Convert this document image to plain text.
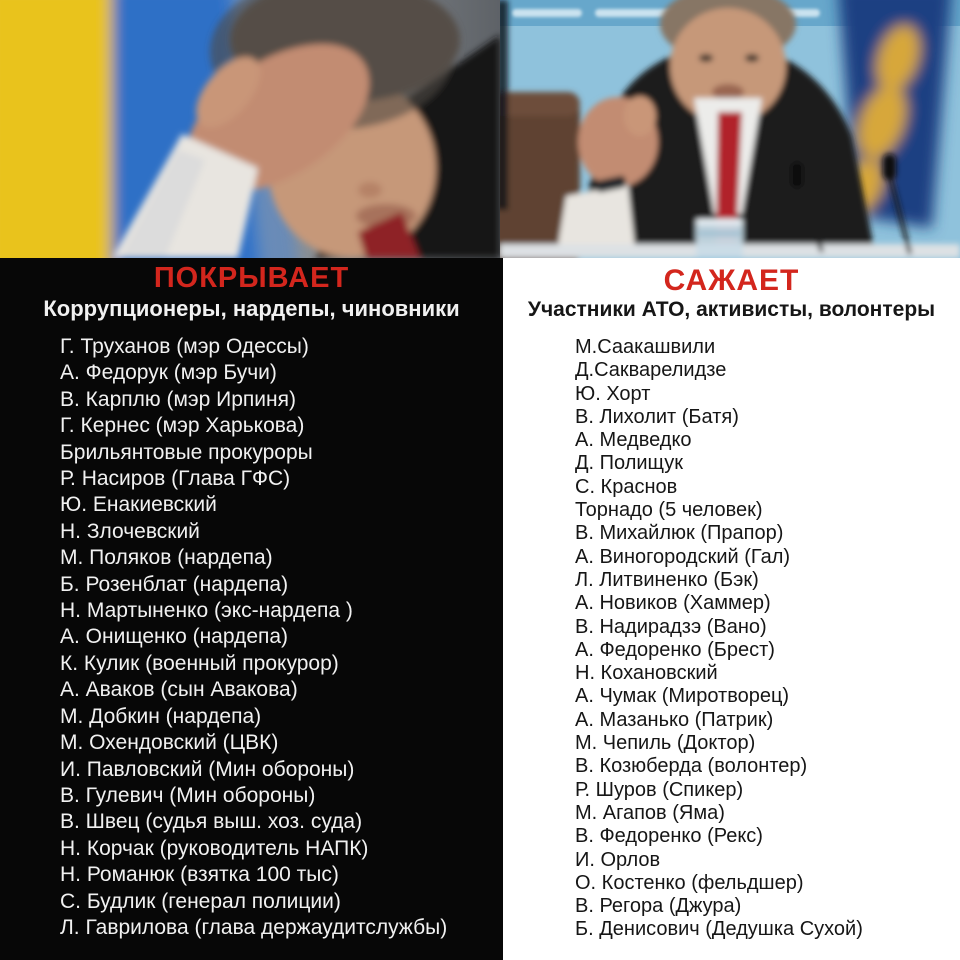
ПОКРЫВАЕТ
Коррупционеры, нардепы, чиновники
Г. Труханов (мэр Одессы)
А. Федорук (мэр Бучи)
В. Карплю (мэр Ирпиня)
Г. Кернес (мэр Харькова)
Брильянтовые прокуроры
Р. Насиров (Глава ГФС)
Ю. Енакиевский
Н. Злочевский
М. Поляков (нардепа)
Б. Розенблат (нардепа)
Н. Мартыненко (экс-нардепа )
А. Онищенко (нардепа)
К. Кулик (военный прокурор)
А. Аваков (сын Авакова)
М. Добкин (нардепа)
М. Охендовский (ЦВК)
И. Павловский (Мин обороны)
В. Гулевич (Мин обороны)
В. Швец (судья выш. хоз. суда)
Н. Корчак (руководитель НАПК)
Н. Романюк (взятка 100 тыс)
С. Будлик (генерал полиции)
Л. Гаврилова (глава держаудитслужбы)
САЖАЕТ
Участники АТО, активисты, волонтеры
М.Саакашвили
Д.Сакварелидзе
Ю. Хорт
В. Лихолит (Батя)
А. Медведко
Д. Полищук
С. Краснов
Торнадо (5 человек)
В. Михайлюк (Прапор)
А. Виногородский (Гал)
Л. Литвиненко (Бэк)
А. Новиков (Хаммер)
В. Надирадзэ (Вано)
А. Федоренко (Брест)
Н. Кохановский
А. Чумак (Миротворец)
А. Мазанько (Патрик)
М. Чепиль (Доктор)
В. Козюберда (волонтер)
Р. Шуров (Спикер)
М. Агапов (Яма)
В. Федоренко (Рекс)
И. Орлов
О. Костенко (фельдшер)
В. Регора (Джура)
Б. Денисович (Дедушка Сухой)
